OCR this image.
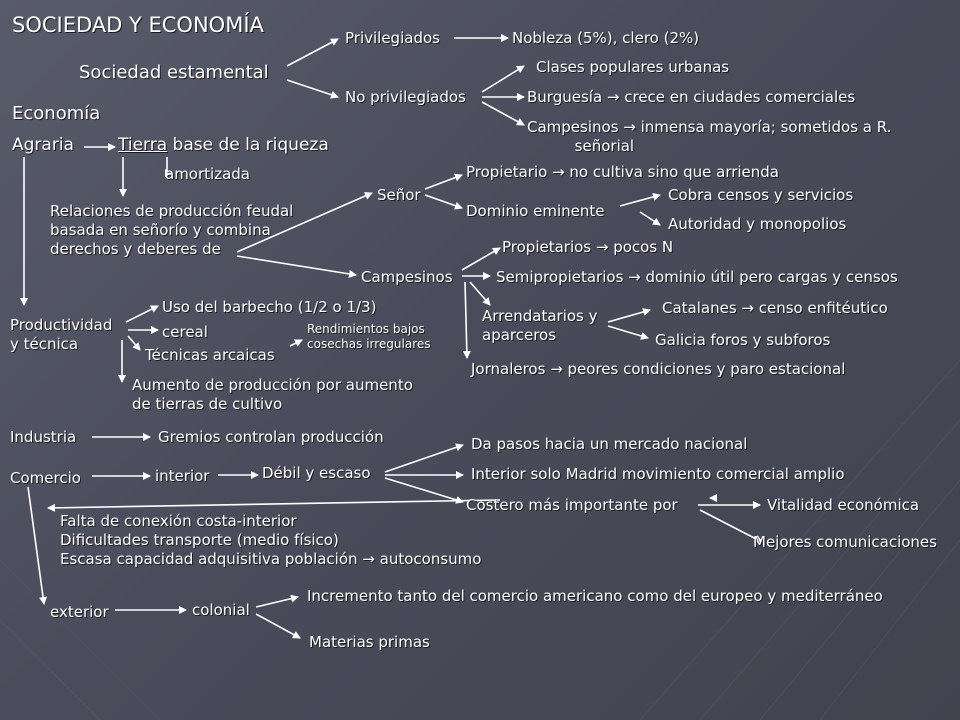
SOCIEDAD Y ECONOMÍA
Sociedad estamental
Privilegiados	Nobleza (5%), clero (2%)
No privilegiados
Clases populares urbanas
Burguesía → crece en ciudades comerciales
Campesinos → inmensa mayoría; sometidos a R.
señorial
Economía
Agraria	Tierra base de la riqueza
amortizada
Relaciones de producción feudal
basada en señorío y combina
derechos y deberes de
Señor
Propietario → no cultiva sino que arrienda
Dominio eminente
Cobra censos y servicios
Autoridad y monopolios
Campesinos
Propietarios → pocos N
Semipropietarios → dominio útil pero cargas y censos
Arrendatarios y
aparceros
Catalanes → censo enfitéutico
Galicia foros y subforos
Jornaleros → peores condiciones y paro estacional
Productividad
y técnica
Uso del barbecho (1/2 o 1/3)
cereal
Técnicas arcaicas
Rendimientos bajos
cosechas irregulares
Aumento de producción por aumento
de tierras de cultivo
Industria	Gremios controlan producción
Comercio	interior	Débil y escaso
Da pasos hacia un mercado nacional
Interior solo Madrid movimiento comercial amplio
Costero más importante por	Vitalidad económica
Mejores comunicaciones
Falta de conexión costa-interior
Dificultades transporte (medio físico)
Escasa capacidad adquisitiva población → autoconsumo
exterior	colonial
Incremento tanto del comercio americano como del europeo y mediterráneo
Materias primas
